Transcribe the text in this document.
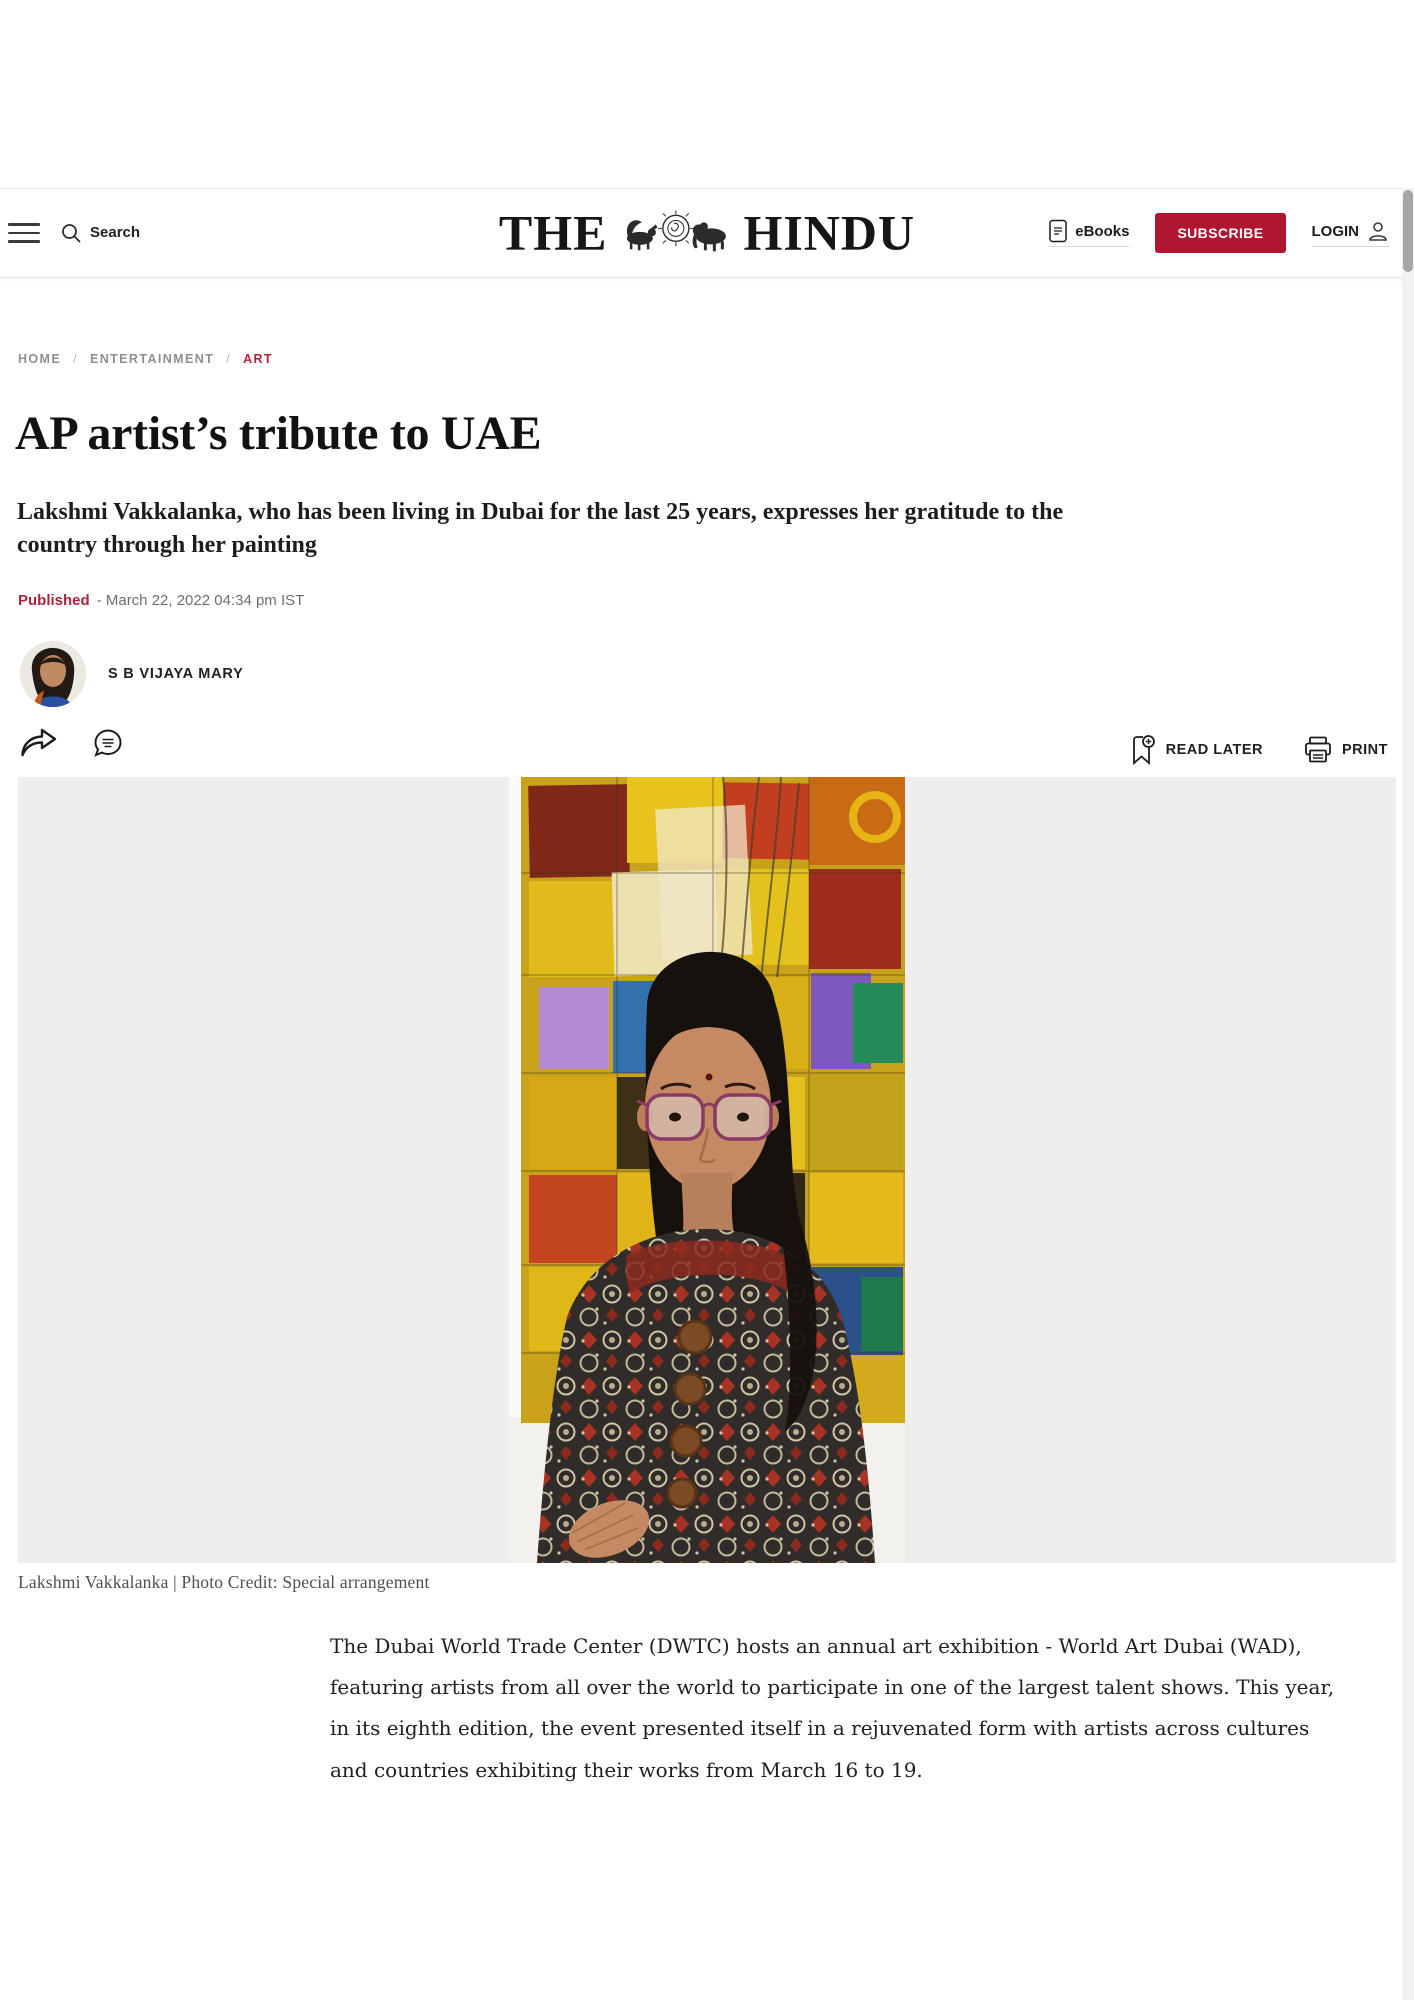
Search	THE	HINDU	eBooks	SUBSCRIBE	LOGIN
HOME / ENTERTAINMENT / ART
AP artist’s tribute to UAE
Lakshmi Vakkalanka, who has been living in Dubai for the last 25 years, expresses her gratitude to the country through her painting
Published - March 22, 2022 04:34 pm IST
S B VIJAYA MARY
READ LATER	PRINT
Lakshmi Vakkalanka | Photo Credit: Special arrangement

The Dubai World Trade Center (DWTC) hosts an annual art exhibition - World Art Dubai (WAD), featuring artists from all over the world to participate in one of the largest talent shows. This year, in its eighth edition, the event presented itself in a rejuvenated form with artists across cultures and countries exhibiting their works from March 16 to 19.
